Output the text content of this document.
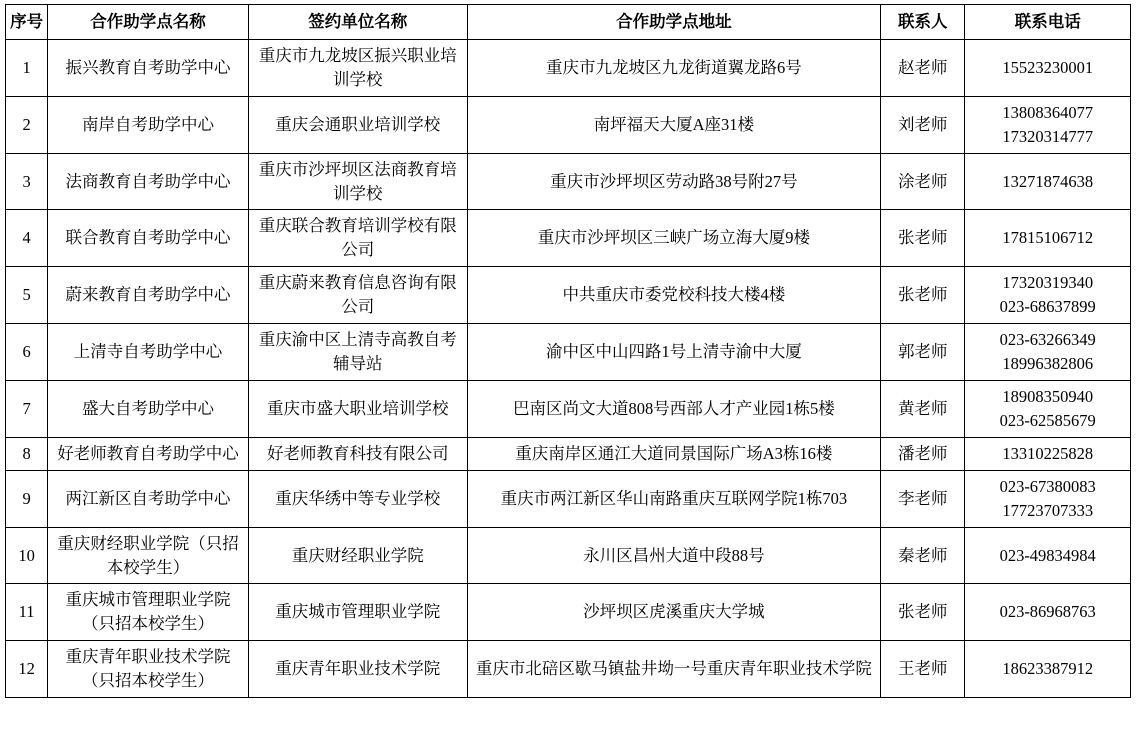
序号	合作助学点名称	签约单位名称	合作助学点地址	联系人	联系电话
1	振兴教育自考助学中心	重庆市九龙坡区振兴职业培训学校	重庆市九龙坡区九龙街道翼龙路6号	赵老师	15523230001

2	南岸自考助学中心	重庆会通职业培训学校	南坪福天大厦A座31楼	刘老师	13808364077
17320314777

3	法商教育自考助学中心	重庆市沙坪坝区法商教育培训学校	重庆市沙坪坝区劳动路38号附27号	涂老师	13271874638

4	联合教育自考助学中心	重庆联合教育培训学校有限公司	重庆市沙坪坝区三峡广场立海大厦9楼	张老师	17815106712

5	蔚来教育自考助学中心	重庆蔚来教育信息咨询有限公司	中共重庆市委党校科技大楼4楼	张老师	17320319340
023-68637899

6	上清寺自考助学中心	重庆渝中区上清寺高教自考辅导站	渝中区中山四路1号上清寺渝中大厦	郭老师	023-63266349
18996382806

7	盛大自考助学中心	重庆市盛大职业培训学校	巴南区尚文大道808号西部人才产业园1栋5楼	黄老师	18908350940
023-62585679

8	好老师教育自考助学中心	好老师教育科技有限公司	重庆南岸区通江大道同景国际广场A3栋16楼	潘老师	13310225828

9	两江新区自考助学中心	重庆华绣中等专业学校	重庆市两江新区华山南路重庆互联网学院1栋703	李老师	023-67380083
17723707333

10	重庆财经职业学院（只招本校学生）	重庆财经职业学院	永川区昌州大道中段88号	秦老师	023-49834984

11	重庆城市管理职业学院（只招本校学生）	重庆城市管理职业学院	沙坪坝区虎溪重庆大学城	张老师	023-86968763

12	重庆青年职业技术学院（只招本校学生）	重庆青年职业技术学院	重庆市北碚区歇马镇盐井坳一号重庆青年职业技术学院	王老师	18623387912
